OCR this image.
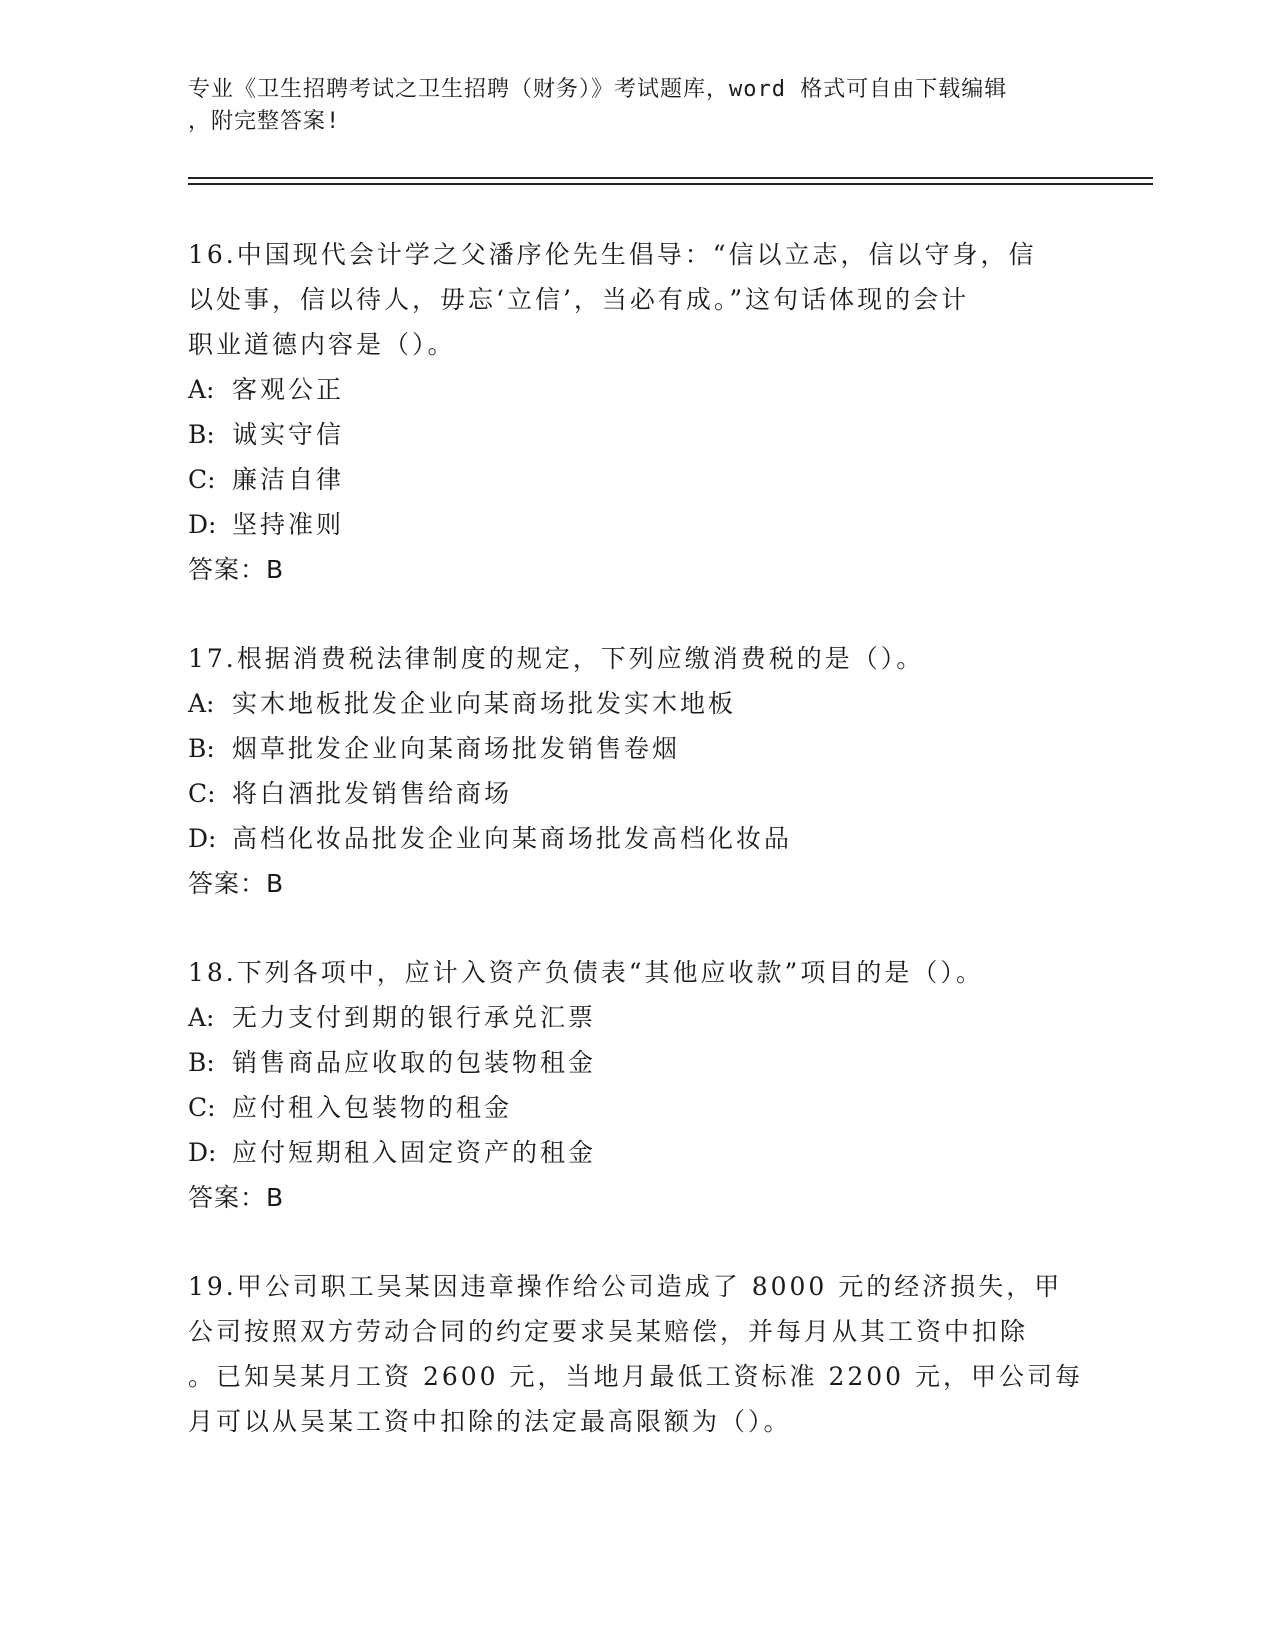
专业《卫生招聘考试之卫生招聘（财务）》考试题库，word 格式可自由下载编辑
，附完整答案!
16.中国现代会计学之父潘序伦先生倡导：“信以立志，信以守身，信
以处事，信以待人，毋忘‘立信’，当必有成。”这句话体现的会计
职业道德内容是（）。
A: 客观公正
B: 诚实守信
C: 廉洁自律
D: 坚持准则
答案：B
17.根据消费税法律制度的规定，下列应缴消费税的是（）。
A: 实木地板批发企业向某商场批发实木地板
B: 烟草批发企业向某商场批发销售卷烟
C: 将白酒批发销售给商场
D: 高档化妆品批发企业向某商场批发高档化妆品
答案：B
18.下列各项中，应计入资产负债表“其他应收款”项目的是（）。
A: 无力支付到期的银行承兑汇票
B: 销售商品应收取的包装物租金
C: 应付租入包装物的租金
D: 应付短期租入固定资产的租金
答案：B
19.甲公司职工吴某因违章操作给公司造成了 8000 元的经济损失，甲
公司按照双方劳动合同的约定要求吴某赔偿，并每月从其工资中扣除
。已知吴某月工资 2600 元，当地月最低工资标准 2200 元，甲公司每
月可以从吴某工资中扣除的法定最高限额为（）。
